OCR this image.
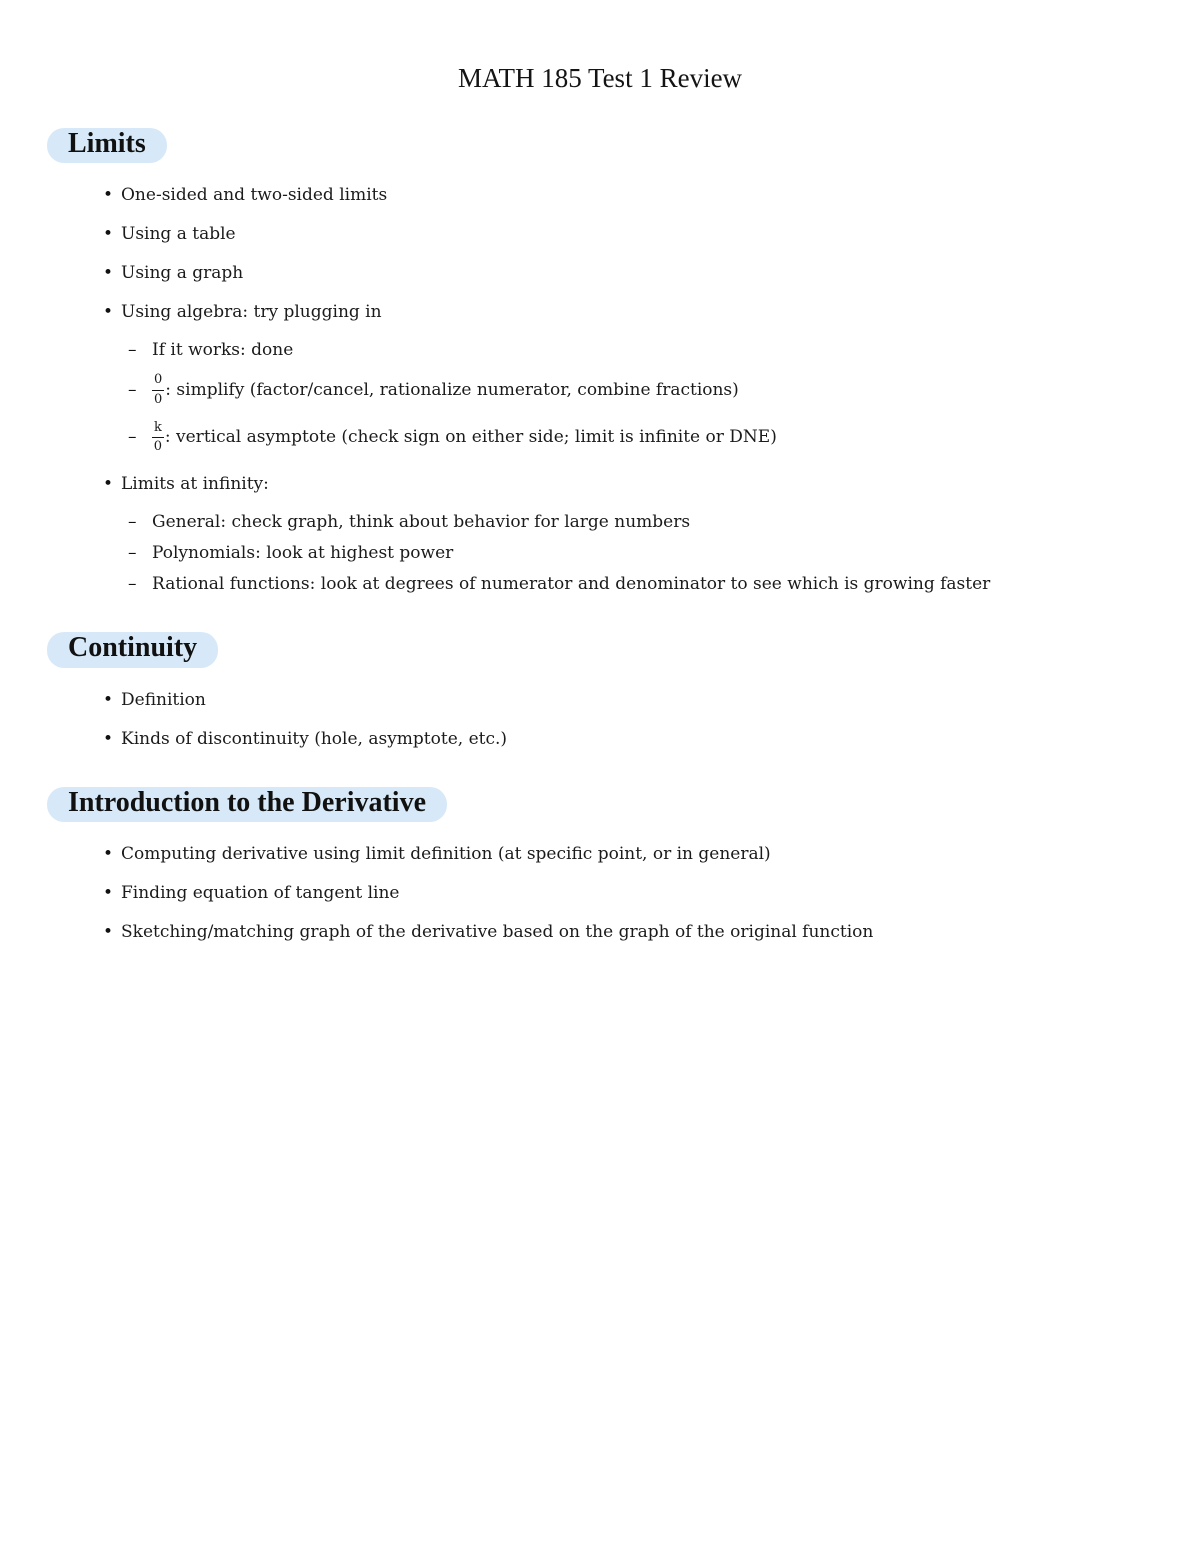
MATH 185 Test 1 Review
Limits
• One-sided and two-sided limits
• Using a table
• Using a graph
• Using algebra: try plugging in
– If it works: done
–	$\frac{0}{0}$ : simplify (factor/cancel, rationalize numerator, combine fractions)
–	$\frac{k}{0}$ : vertical asymptote (check sign on either side; limit is infinite or DNE)
• Limits at infinity:
– General: check graph, think about behavior for large numbers
– Polynomials: look at highest power
– Rational functions: look at degrees of numerator and denominator to see which is growing faster
Continuity
• Definition
• Kinds of discontinuity (hole, asymptote, etc.)
Introduction to the Derivative
• Computing derivative using limit definition (at specific point, or in general)
• Finding equation of tangent line
• Sketching/matching graph of the derivative based on the graph of the original function
